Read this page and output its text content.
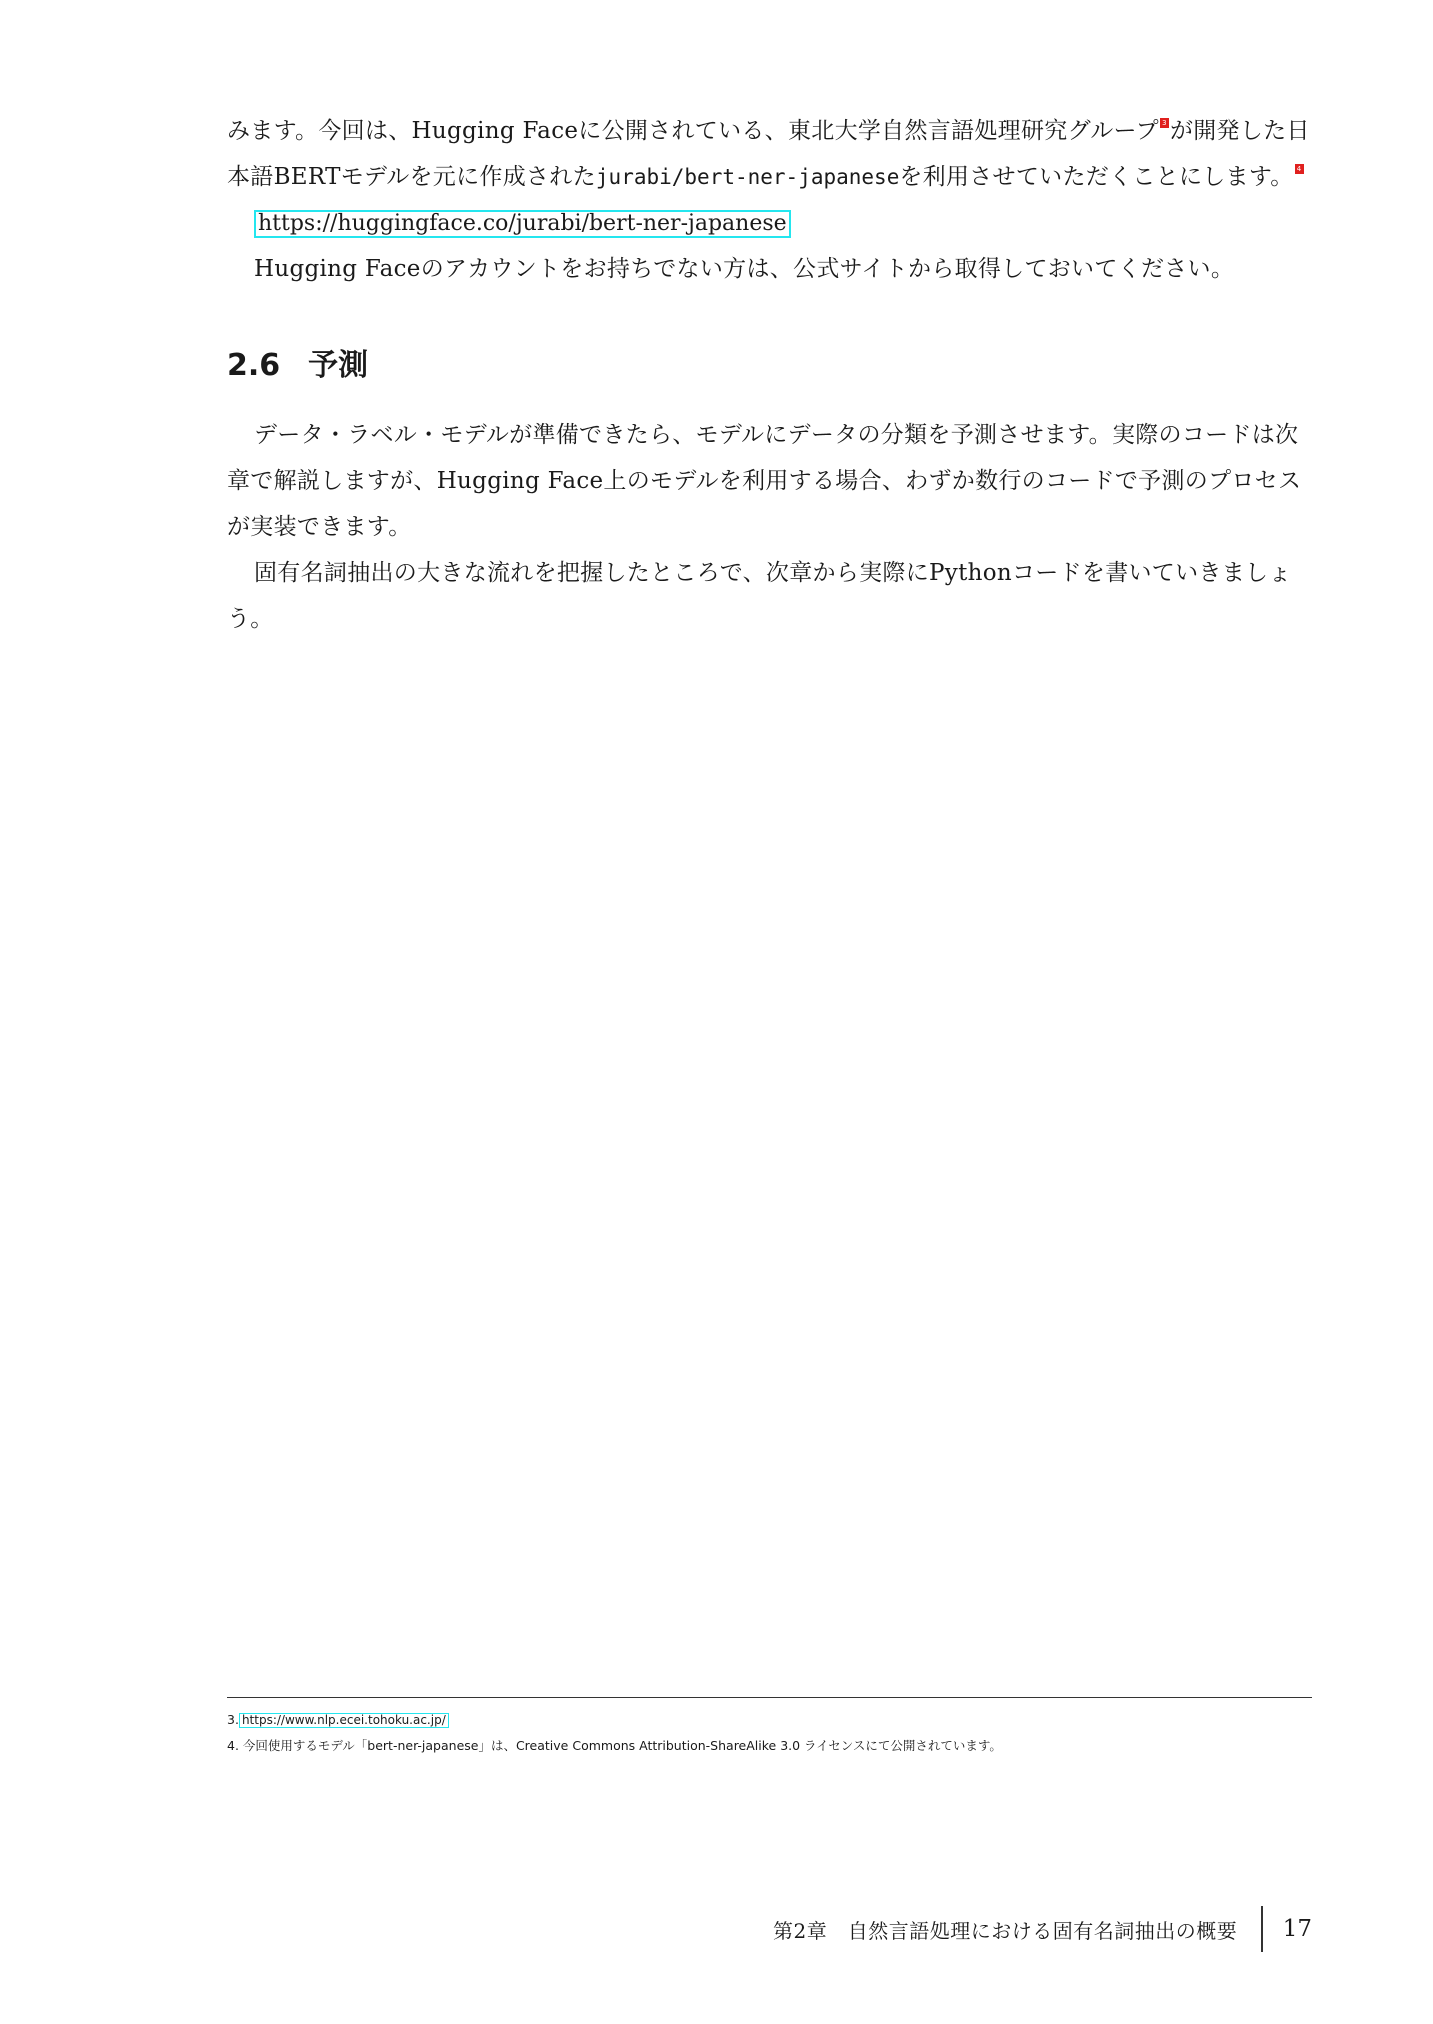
みます。今回は、Hugging Faceに公開されている、東北大学自然言語処理研究グループ 3 が開発した日本語BERTモデルを元に作成されたjurabi/bert-ner-japaneseを利用させていただくことにします。 4

https://huggingface.co/jurabi/bert-ner-japanese

Hugging Faceのアカウントをお持ちでない方は、公式サイトから取得しておいてください。

2.6 予測

データ・ラベル・モデルが準備できたら、モデルにデータの分類を予測させます。実際のコードは次章で解説しますが、Hugging Face上のモデルを利用する場合、わずか数行のコードで予測のプロセスが実装できます。

固有名詞抽出の大きな流れを把握したところで、次章から実際にPythonコードを書いていきましょう。

3. https://www.nlp.ecei.tohoku.ac.jp/
4. 今回使用するモデル「bert-ner-japanese」は、Creative Commons Attribution-ShareAlike 3.0 ライセンスにて公開されています。
第2章　自然言語処理における固有名詞抽出の概要 17
